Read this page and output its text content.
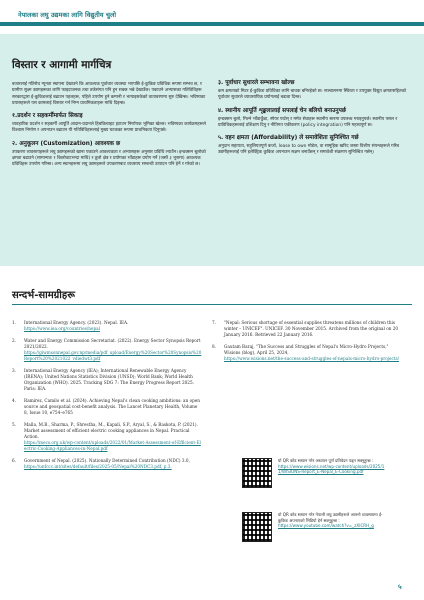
नेपालका लघु उद्यमका लागि विद्युतीय चुलो
विस्तार र आगामी मार्गचित्र

बजारलाई गतिरोध न्यूनता स्थापना देखाउने कि आवश्यक पूर्वाधार व्यवस्था भएपछि ई-कुकिङ प्रविधिक रूपमा सम्भव छ, र ग्रामीण सुक्ष्म उद्यमहरूका लागि फाइदाजनक तथा तर्कसंगत पनि हुन सक्छ भन्ने देखाउँछ। पकाउने अभ्यासका गतिविधिहरू सरकारद्वारा ई-कुकिङलाई बढाउन पहलहरू, पहिले उपयोग हुने कम्पनी र भत्याइसकेको वातावरणमा सुरु देखिन्छ। भविष्यका प्रयासहरूले यस कामलाई विस्तार गर्न निम्न प्राथमिकताहरू माथि दिइन्छ।

१.प्रदर्शन र सहकर्मीमार्फत सिकाइ

व्यवहारिक प्रदर्शन र सहकर्मी आपूर्ति आदान-प्रदानले हिचकिचाहट हटाउन निर्णायक भूमिका खेल्छ। भविष्यका कार्यक्रमहरूले विश्वास निर्माण र अपनाउन बढाउन यी गतिविधिहरूलाई मुख्य घटकका रूपमा प्राथमिकता दिनुपर्छ।

२. अनुकूलन (Customization) आवश्यक छ

उपकरण व्यवसायहरूले लघु उद्यमहरूको खाना पकाउने आवश्यकता र अभ्यासहरू अनुसार प्रविधि ल्याउँन। इन्डक्सन चुलोको क्षमता बढाउने (सामान्यतः १ किलोवाटभन्दा माथि) र ठूलो क्षेत्र र प्रयोगका भाँडाहरू प्रयोग गर्ने (जस्तै ३ भुसमा) आवश्यक प्रविधिहरू उपयोग गरिन्छ। अन्य स्थानहरूमा लघु उद्यमहरूले उपकरणबाट व्यवसाय सम्बन्धी उत्पादन पनि हेर्ने र गरेको छ।

३. पूर्वाधार सुधारले सम्भावना खोल्छ

कम क्षमताको मिटर ई-कुकिङ प्रविधिका लागि बाधक बनिरहेको छ। सञ्चालनमा स्थिरता र उपयुक्त विद्युत क्षमतासहितको पूर्वाधार सुधारले व्यावसायिक प्रयोगलाई बढावा दिन्छ।

४. स्थानीय आपूर्ति शृङ्खलालाई सपलाई चेन बलियो बनाउनुपर्छ

इन्डक्सन चुलो, मिल्ने भाँडाकुँडा, स्पेयर पार्टस् र मर्मत सेवाहरू स्थानीय स्तरमा उपलब्ध गराइनुपर्छ। स्थानीय पसल र प्राविधिकहरूलाई प्रशिक्षण दिनु र नीतिगत एकीकरण (policy integration) पनि महत्त्वपूर्ण छ।

५. वहन क्षमता (Affordability) ले समावेशिता सुनिश्चित गर्छ

अनुदान सहायता, सहुलियतपूर्ण कर्जा, lease to own मोडेल, वा सामूहिक खरिद जस्ता वित्तीय संयन्त्रहरूले गरिब उद्यमीहरूलाई पनि इलेक्ट्रिक कुकिङ अपनाउन सक्षम बनाउँछन् र समावेशी संक्रमण सुनिश्चित गर्छन्।

सन्दर्भ-सामग्रीहरू
1.	International Energy Agency. (2023). Nepal. IEA.
https://www.iea.org/countries/nepal
2.	Water and Energy Commission Secretariat. (2022). Energy Sector Synopsis Report 2021/2022.
https://giwmsonnepal.gov.np/media/pdf_upload/Energy%20Sector%20Synopsis%20Report%20%2021022_vdiedwt3.pdf
3.	International Energy Agency (IEA); International Renewable Energy Agency (IRENA); United Nations Statistics Division (UNSD); World Bank; World Health Organization (WHO). 2025. Tracking SDG 7: The Energy Progress Report 2025. Paris: IEA.
4.	Ramirez, Camilo et al. (2024). Achieving Nepal's clean cooking ambitions: an open source and geospatial cost-benefit analysis. The Lancet Planetary Health, Volume 8, Issue 10, e754–e765
5.	Malla, M.B., Sharma, P., Shrestha, M., Kapali, S.P., Aryal, S., & Baskota, P. (2021). Market assessment of efficient electric cooking appliances in Nepal. Practical Action.
https://mecs.org.uk/wp-content/uploads/2022/01/Market-Assessment-of-Efficient-Electric-Cooking-Appliances-in-Nepal.pdf
6.	Government of Nepal. (2025). Nationally Determined Contribution (NDC) 3.0,
https://unfccc.int/sites/default/files/2025-05/Nepal%20NDC3.pdf, p.3.
7.	"Nepal: Serious shortage of essential supplies threatens millions of children this winter – UNICEF". UNICEF. 30 November 2015. Archived from the original on 20 January 2016. Retrieved 22 January 2016.
8.	Gautam Baraj, "The Success and Struggles of Nepal's Micro-Hydro Projects," Wisions (blog), April 25, 2024,
https://www.wisions.net/the-success-and-struggles-of-nepals-micro-hydro-projects/
यो QR कोड स्क्यान गरेर अध्ययन पूर्ण प्रतिवेदन पढ्न सक्नुहुन्छ :
https://www.wisions.net/wp-content/uploads/2025/11/WISIONS-Report_E-Nepal_E-Cooking.pdf
यो QR कोड स्क्यान गरेर नेपाली लघु उद्यमीहरूले आफ्नो व्यवसायमा ई-कुकिङ अपनाएको भिडियो हेर्न सक्नुहुन्छ :
https://www.youtube.com/watch?v=_zXICRH_g
५
